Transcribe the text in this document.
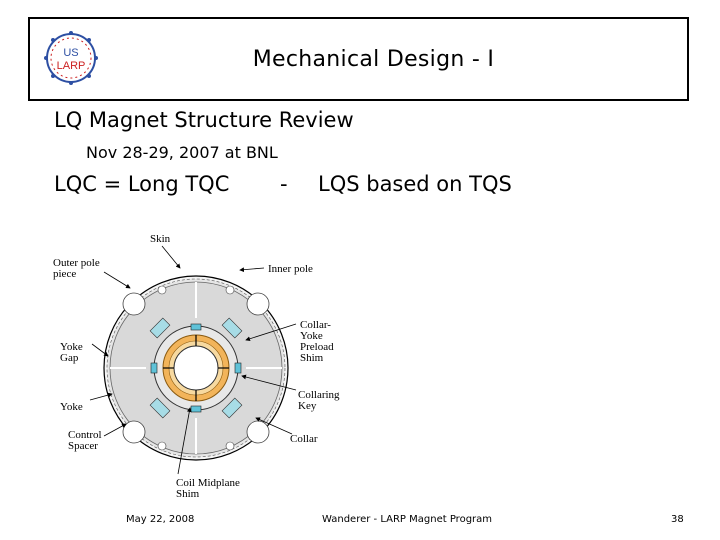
US
LARP	Mechanical Design - I
LQ Magnet Structure Review
Nov 28-29, 2007 at BNL
LQC = Long TQC - LQS based on TQS
Skin
Outer pole
piece	Inner pole
Collar-
Yoke
Preload
Shim
Yoke
Gap
Collaring
Key
Yoke
Collar
Control
Spacer
Coil Midplane
Shim
May 22, 2008	Wanderer - LARP Magnet Program	38
